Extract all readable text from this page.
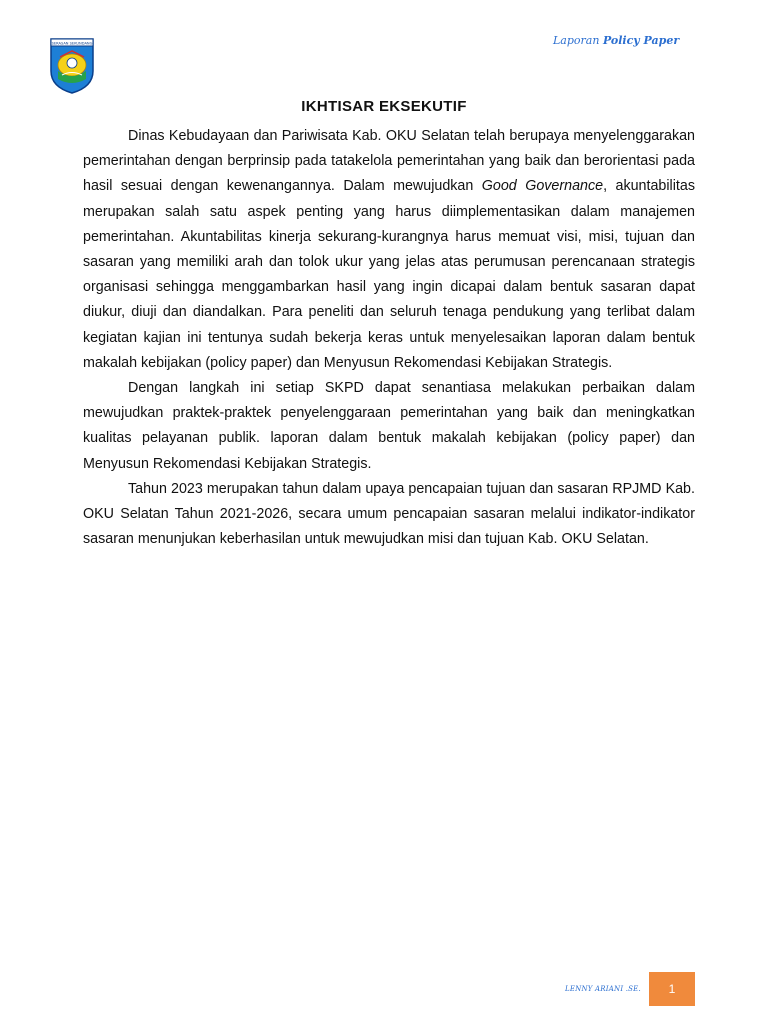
SERASAN SEKUNDANG	Laporan Policy Paper
IKHTISAR EKSEKUTIF

Dinas Kebudayaan dan Pariwisata Kab. OKU Selatan telah berupaya menyelenggarakan pemerintahan dengan berprinsip pada tatakelola pemerintahan yang baik dan berorientasi pada hasil sesuai dengan kewenangannya. Dalam mewujudkan Good Governance, akuntabilitas merupakan salah satu aspek penting yang harus diimplementasikan dalam manajemen pemerintahan. Akuntabilitas kinerja sekurang-kurangnya harus memuat visi, misi, tujuan dan sasaran yang memiliki arah dan tolok ukur yang jelas atas perumusan perencanaan strategis organisasi sehingga menggambarkan hasil yang ingin dicapai dalam bentuk sasaran dapat diukur, diuji dan diandalkan. Para peneliti dan seluruh tenaga pendukung yang terlibat dalam kegiatan kajian ini tentunya sudah bekerja keras untuk menyelesaikan laporan dalam bentuk makalah kebijakan (policy paper) dan Menyusun Rekomendasi Kebijakan Strategis.

Dengan langkah ini setiap SKPD dapat senantiasa melakukan perbaikan dalam mewujudkan praktek-praktek penyelenggaraan pemerintahan yang baik dan meningkatkan kualitas pelayanan publik. laporan dalam bentuk makalah kebijakan (policy paper) dan Menyusun Rekomendasi Kebijakan Strategis.

Tahun 2023 merupakan tahun dalam upaya pencapaian tujuan dan sasaran RPJMD Kab. OKU Selatan Tahun 2021-2026, secara umum pencapaian sasaran melalui indikator-indikator sasaran menunjukan keberhasilan untuk mewujudkan misi dan tujuan Kab. OKU Selatan.

LENNY ARIANI .SE.	1
